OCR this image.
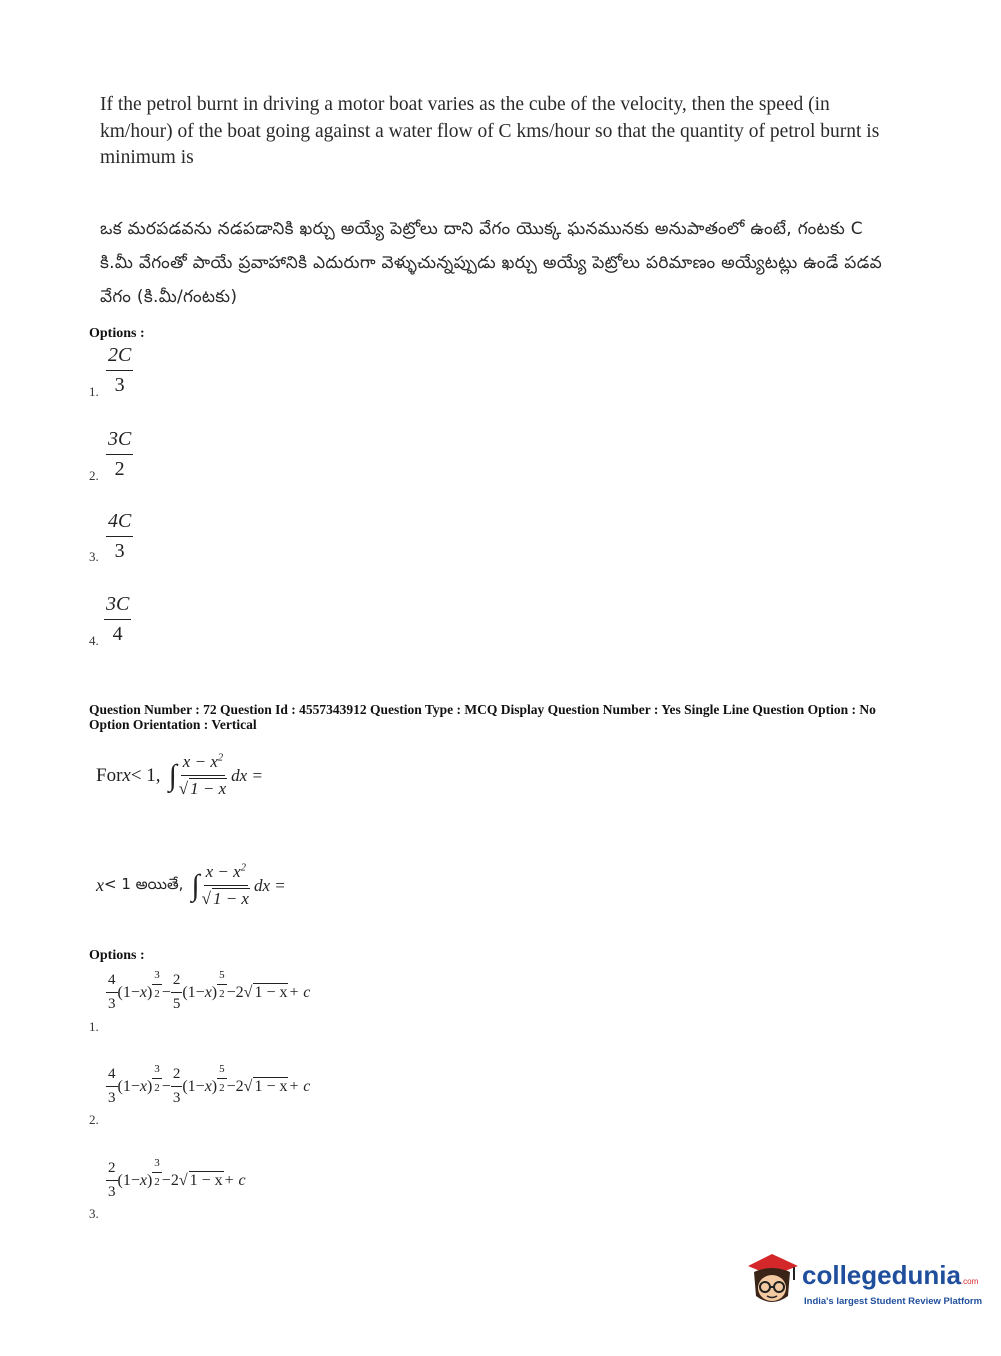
If the petrol burnt in driving a motor boat varies as the cube of the velocity, then the speed (in km/hour) of the boat going against a water flow of C kms/hour so that the quantity of petrol burnt is minimum is
ఒక మరపడవను నడపడానికి ఖర్చు అయ్యే పెట్రోలు దాని వేగం యొక్క ఘనమునకు అనుపాతంలో ఉంటే, గంటకు C కి.మీ వేగంతో పాయే ప్రవాహానికి ఎదురుగా వెళ్ళుచున్నప్పుడు ఖర్చు అయ్యే పెట్రోలు పరిమాణం అయ్యేటట్లు ఉండే పడవ వేగం (కి.మీ/గంటకు)
Options :
$\frac{2C}{3}$
1.
$\frac{3C}{2}$
2.
$\frac{4C}{3}$
3.
$\frac{3C}{4}$
4.
Question Number : 72 Question Id : 4557343912 Question Type : MCQ Display Question Number : Yes Single Line Question Option : No Option Orientation : Vertical
For x < 1, ∫ $\frac{x - x^2}{√ 1 - x}$ dx =
x < 1 అయితే, ∫ $\frac{x - x^2}{√ 1 - x}$ dx =
Options :
$\frac{4}{3} (1- x$ ) $\frac{3}{2} - \frac{2}{5} (1- x$ ) $\frac{5}{2} - 2$ √ 1 − x + c
1.
$\frac{4}{3} (1- x$ ) $\frac{3}{2} - \frac{2}{3} (1- x$ ) $\frac{5}{2} - 2$ √ 1 − x + c
2.
$\frac{2}{3} (1- x$ ) $\frac{3}{2} - 2$ √ 1 − x + c
3.
collegedunia.com
India's largest Student Review Platform
